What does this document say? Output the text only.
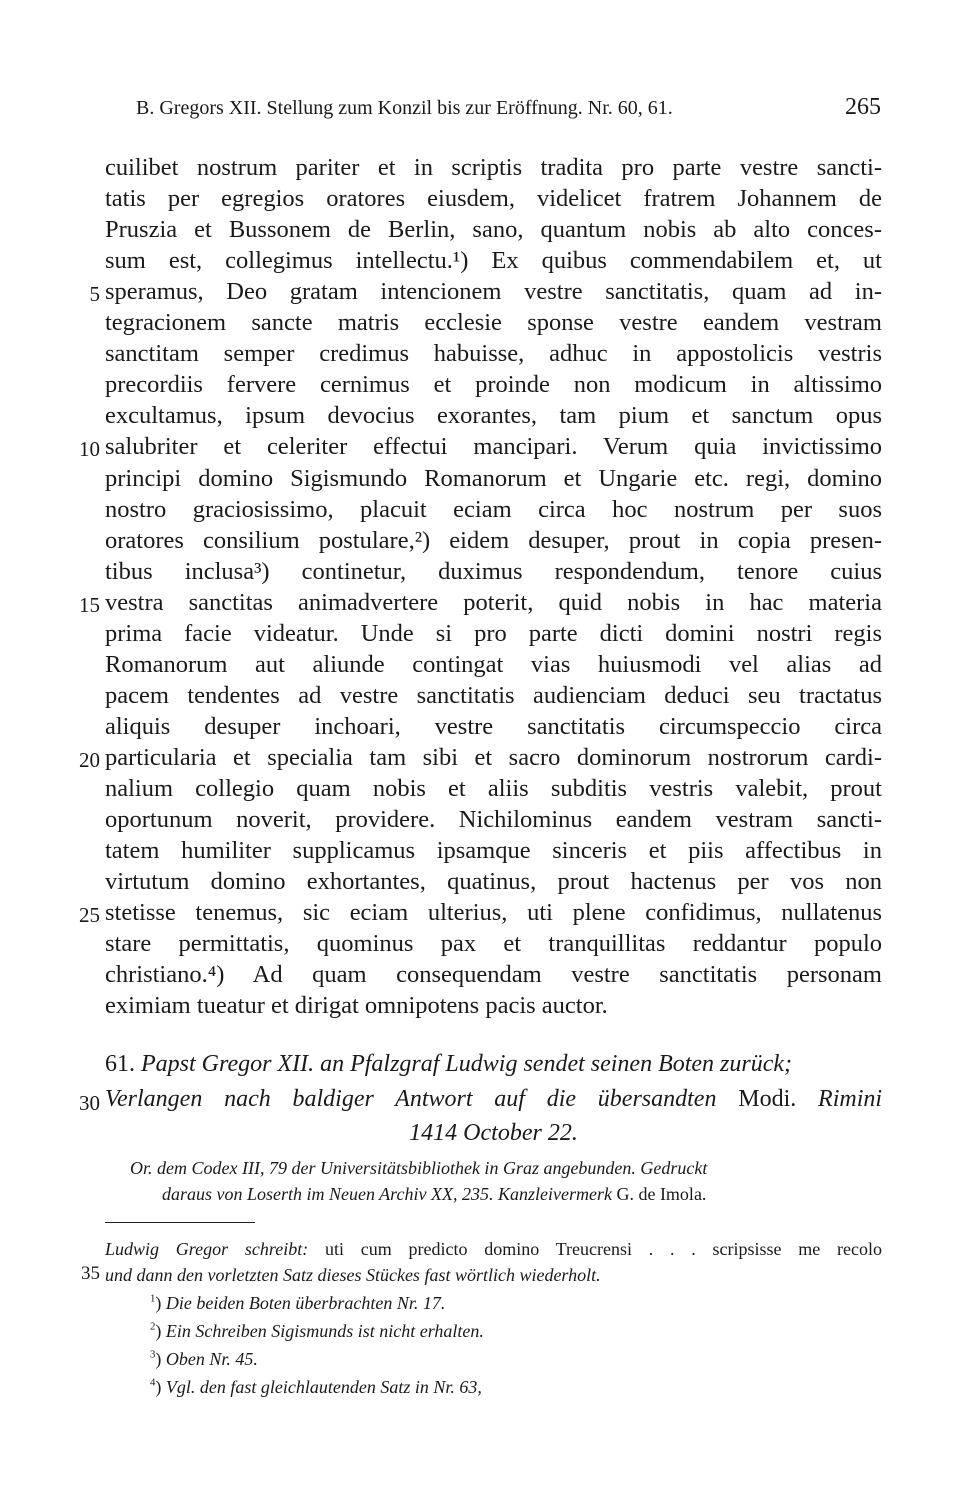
B. Gregors XII. Stellung zum Konzil bis zur Eröffnung. Nr. 60, 61.	265
cuilibet nostrum pariter et in scriptis tradita pro parte vestre sancti-
tatis per egregios oratores eiusdem, videlicet fratrem Johannem de
Pruszia et Bussonem de Berlin, sano, quantum nobis ab alto conces-
sum est, collegimus intellectu.¹) Ex quibus commendabilem et, ut
speramus, Deo gratam intencionem vestre sanctitatis, quam ad in-
tegracionem sancte matris ecclesie sponse vestre eandem vestram
sanctitam semper credimus habuisse, adhuc in appostolicis vestris
precordiis fervere cernimus et proinde non modicum in altissimo
excultamus, ipsum devocius exorantes, tam pium et sanctum opus
salubriter et celeriter effectui mancipari. Verum quia invictissimo
principi domino Sigismundo Romanorum et Ungarie etc. regi, domino
nostro graciosissimo, placuit eciam circa hoc nostrum per suos
oratores consilium postulare,²) eidem desuper, prout in copia presen-
tibus inclusa³) continetur, duximus respondendum, tenore cuius
vestra sanctitas animadvertere poterit, quid nobis in hac materia
prima facie videatur. Unde si pro parte dicti domini nostri regis
Romanorum aut aliunde contingat vias huiusmodi vel alias ad
pacem tendentes ad vestre sanctitatis audienciam deduci seu tractatus
aliquis desuper inchoari, vestre sanctitatis circumspeccio circa
particularia et specialia tam sibi et sacro dominorum nostrorum cardi-
nalium collegio quam nobis et aliis subditis vestris valebit, prout
oportunum noverit, providere. Nichilominus eandem vestram sancti-
tatem humiliter supplicamus ipsamque sinceris et piis affectibus in
virtutum domino exhortantes, quatinus, prout hactenus per vos non
stetisse tenemus, sic eciam ulterius, uti plene confidimus, nullatenus
stare permittatis, quominus pax et tranquillitas reddantur populo
christiano.⁴) Ad quam consequendam vestre sanctitatis personam
eximiam tueatur et dirigat omnipotens pacis auctor.
5
10
15
20
25
61. Papst Gregor XII. an Pfalzgraf Ludwig sendet seinen Boten zurück;
30 Verlangen nach baldiger Antwort auf die übersandten Modi. Rimini
1414 October 22.
Or. dem Codex III, 79 der Universitätsbibliothek in Graz angebunden. Gedruckt
daraus von Loserth im Neuen Archiv XX, 235. Kanzleivermerk G. de Imola.
Ludwig Gregor schreibt: uti cum predicto domino Treucrensi . . . scripsisse me recolo
35 und dann den vorletzten Satz dieses Stückes fast wörtlich wiederholt.
$^1$) Die beiden Boten überbrachten Nr. 17.
$^2$) Ein Schreiben Sigismunds ist nicht erhalten.
$^3$) Oben Nr. 45.
$^4$) Vgl. den fast gleichlautenden Satz in Nr. 63,
